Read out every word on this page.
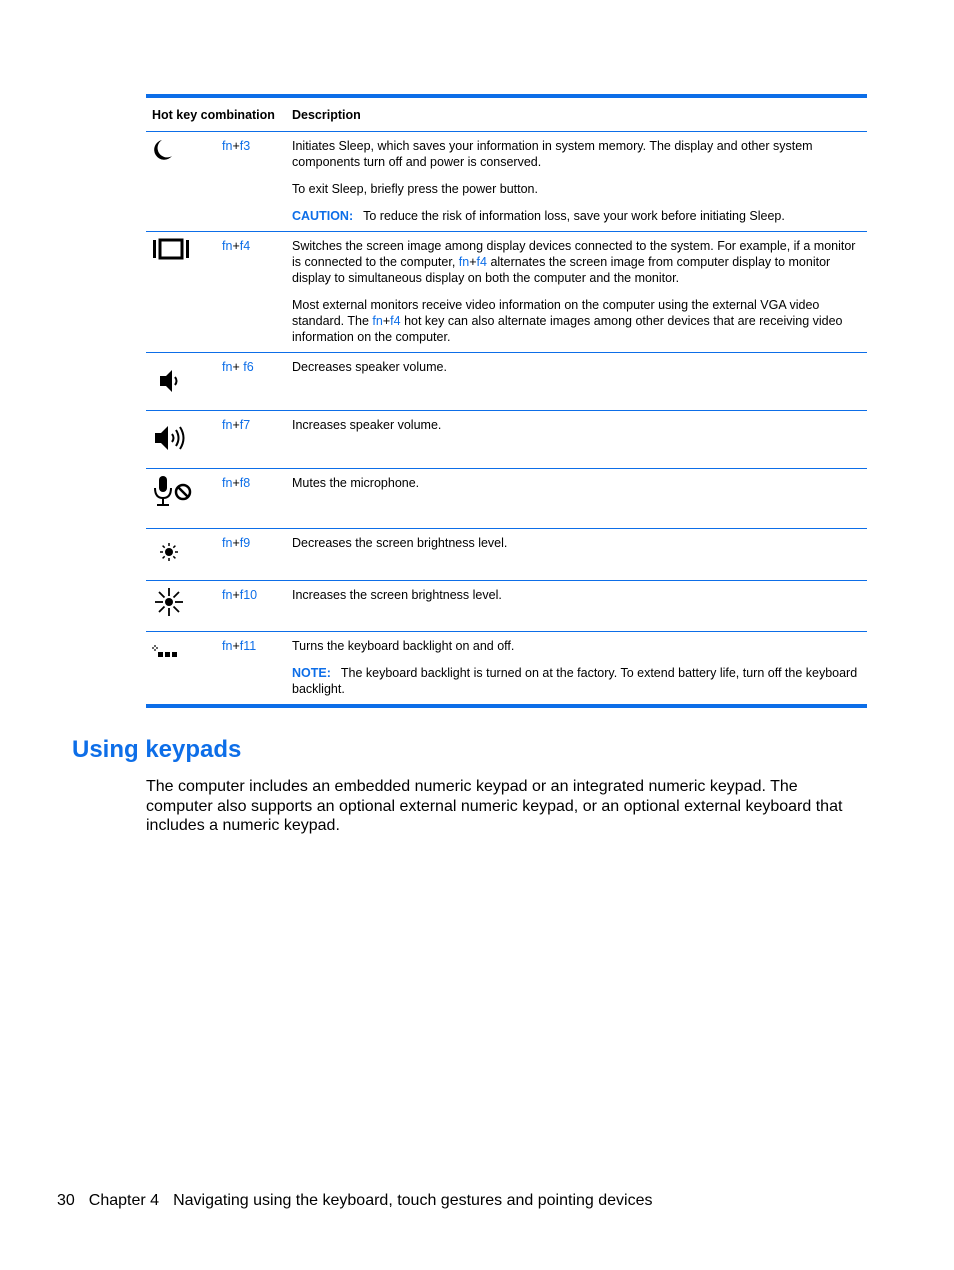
Hot key combination		Description
	fn+f3	Initiates Sleep, which saves your information in system memory. The display and other system components turn off and power is conserved.

To exit Sleep, briefly press the power button.

CAUTION: To reduce the risk of information loss, save your work before initiating Sleep.

	fn+f4	Switches the screen image among display devices connected to the system. For example, if a monitor is connected to the computer, fn+f4 alternates the screen image from computer display to monitor display to simultaneous display on both the computer and the monitor.

Most external monitors receive video information on the computer using the external VGA video standard. The fn+f4 hot key can also alternate images among other devices that are receiving video information on the computer.

	fn+ f6	Decreases speaker volume.

	fn+f7	Increases speaker volume.

	fn+f8	Mutes the microphone.

	fn+f9	Decreases the screen brightness level.

	fn+f10	Increases the screen brightness level.

	fn+f11	Turns the keyboard backlight on and off.

NOTE: The keyboard backlight is turned on at the factory. To extend battery life, turn off the keyboard backlight.

Using keypads

The computer includes an embedded numeric keypad or an integrated numeric keypad. The computer also supports an optional external numeric keypad, or an optional external keyboard that includes a numeric keypad.

30 Chapter 4 Navigating using the keyboard, touch gestures and pointing devices
